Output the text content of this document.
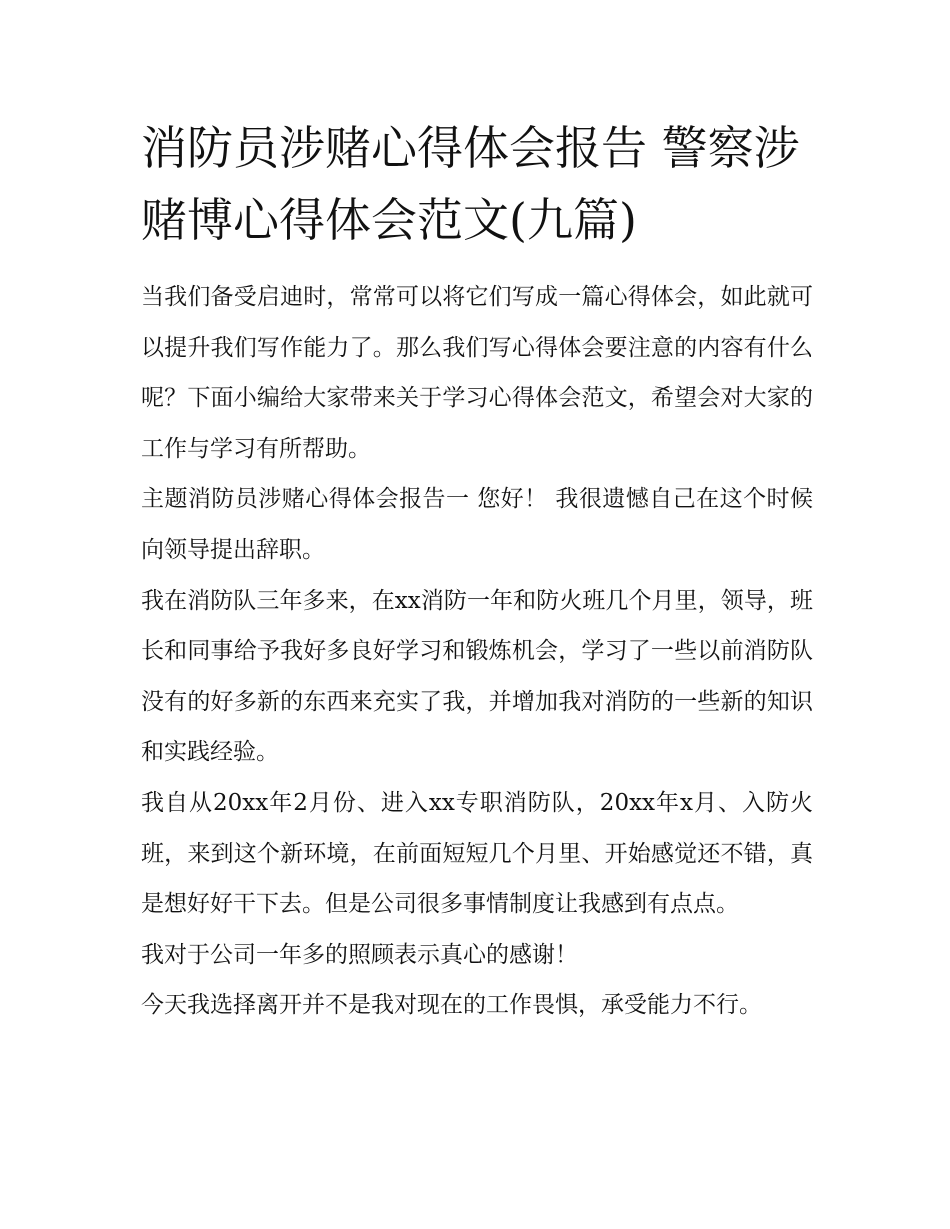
消防员涉赌心得体会报告 警察涉赌博心得体会范文(九篇)

当我们备受启迪时，常常可以将它们写成一篇心得体会，如此就可以提升我们写作能力了。那么我们写心得体会要注意的内容有什么呢？下面小编给大家带来关于学习心得体会范文，希望会对大家的工作与学习有所帮助。

主题消防员涉赌心得体会报告一 您好！ 我很遗憾自己在这个时候向领导提出辞职。

我在消防队三年多来，在xx消防一年和防火班几个月里，领导，班长和同事给予我好多良好学习和锻炼机会，学习了一些以前消防队没有的好多新的东西来充实了我，并增加我对消防的一些新的知识和实践经验。

我自从20xx年2月份、进入xx专职消防队，20xx年x月、入防火班，来到这个新环境，在前面短短几个月里、开始感觉还不错，真是想好好干下去。但是公司很多事情制度让我感到有点点。

我对于公司一年多的照顾表示真心的感谢！

今天我选择离开并不是我对现在的工作畏惧，承受能力不行。
